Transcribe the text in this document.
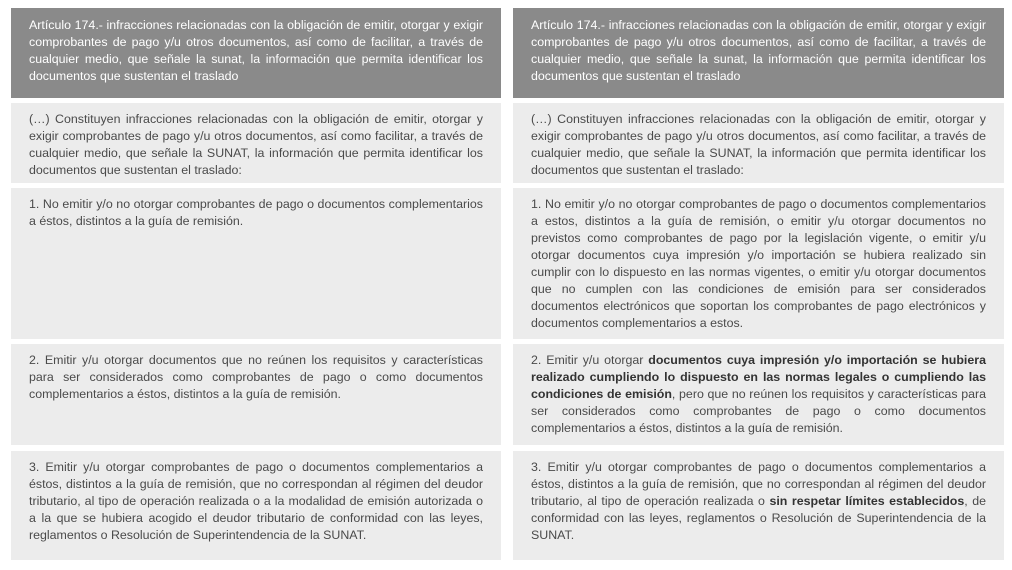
Artículo 174.- infracciones relacionadas con la obligación de emitir, otorgar y exigir comprobantes de pago y/u otros documentos, así como de facilitar, a través de cualquier medio, que señale la sunat, la información que permita identificar los documentos que sustentan el traslado

(…) Constituyen infracciones relacionadas con la obligación de emitir, otorgar y exigir comprobantes de pago y/u otros documentos, así como facilitar, a través de cualquier medio, que señale la SUNAT, la información que permita identificar los documentos que sustentan el traslado:

1. No emitir y/o no otorgar comprobantes de pago o documentos complementarios a éstos, distintos a la guía de remisión.

2. Emitir y/u otorgar documentos que no reúnen los requisitos y características para ser considerados como comprobantes de pago o como documentos complementarios a éstos, distintos a la guía de remisión.

3. Emitir y/u otorgar comprobantes de pago o documentos complementarios a éstos, distintos a la guía de remisión, que no correspondan al régimen del deudor tributario, al tipo de operación realizada o a la modalidad de emisión autorizada o a la que se hubiera acogido el deudor tributario de conformidad con las leyes, reglamentos o Resolución de Superintendencia de la SUNAT.

Artículo 174.- infracciones relacionadas con la obligación de emitir, otorgar y exigir comprobantes de pago y/u otros documentos, así como de facilitar, a través de cualquier medio, que señale la sunat, la información que permita identificar los documentos que sustentan el traslado

(…) Constituyen infracciones relacionadas con la obligación de emitir, otorgar y exigir comprobantes de pago y/u otros documentos, así como facilitar, a través de cualquier medio, que señale la SUNAT, la información que permita identificar los documentos que sustentan el traslado:

1. No emitir y/o no otorgar comprobantes de pago o documentos complementarios a estos, distintos a la guía de remisión, o emitir y/u otorgar documentos no previstos como comprobantes de pago por la legislación vigente, o emitir y/u otorgar documentos cuya impresión y/o importación se hubiera realizado sin cumplir con lo dispuesto en las normas vigentes, o emitir y/u otorgar documentos que no cumplen con las condiciones de emisión para ser considerados documentos electrónicos que soportan los comprobantes de pago electrónicos y documentos complementarios a estos.

2. Emitir y/u otorgar documentos cuya impresión y/o importación se hubiera realizado cumpliendo lo dispuesto en las normas legales o cumpliendo las condiciones de emisión, pero que no reúnen los requisitos y características para ser considerados como comprobantes de pago o como documentos complementarios a éstos, distintos a la guía de remisión.

3. Emitir y/u otorgar comprobantes de pago o documentos complementarios a éstos, distintos a la guía de remisión, que no correspondan al régimen del deudor tributario, al tipo de operación realizada o sin respetar límites establecidos, de conformidad con las leyes, reglamentos o Resolución de Superintendencia de la SUNAT.
